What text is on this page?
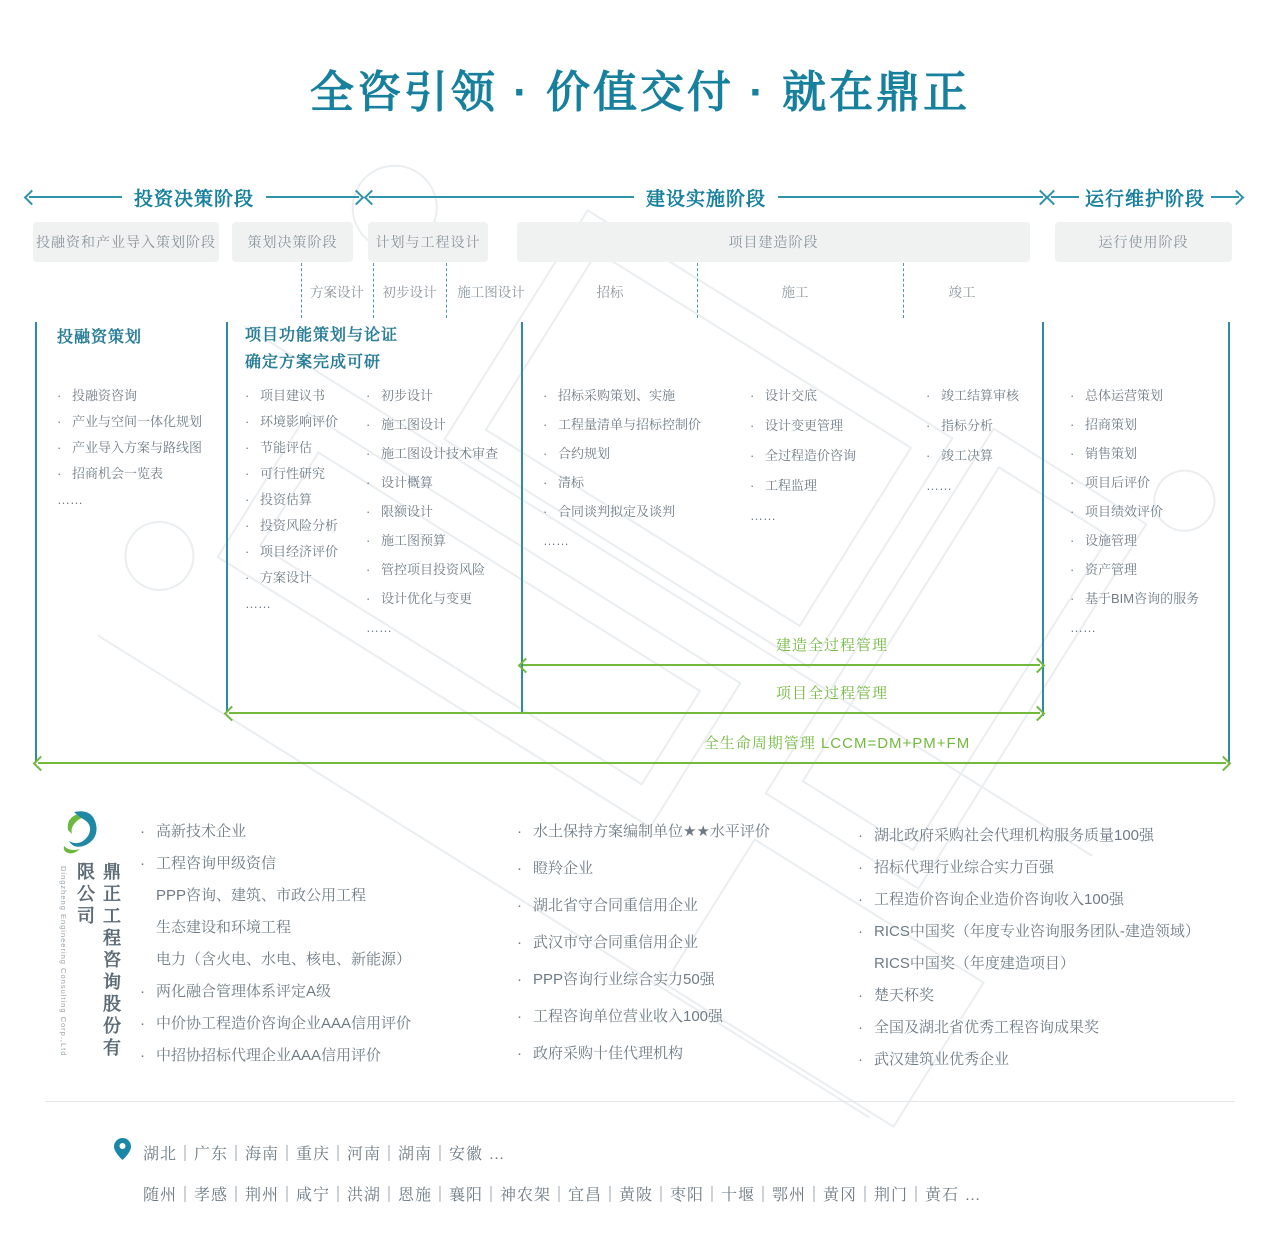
全咨引领 · 价值交付 · 就在鼎正
投资决策阶段	建设实施阶段	运行维护阶段
投融资和产业导入策划阶段	策划决策阶段	计划与工程设计	项目建造阶段	运行使用阶段
方案设计	初步设计	施工图设计	招标	施工	竣工
投融资策划	项目功能策划与论证
确定方案完成可研
· 投融资咨询
· 产业与空间一体化规划
· 产业导入方案与路线图
· 招商机会一览表
……
· 项目建议书
· 环境影响评价
· 节能评估
· 可行性研究
· 投资估算
· 投资风险分析
· 项目经济评价
· 方案设计
……
· 初步设计
· 施工图设计
· 施工图设计技术审查
· 设计概算
· 限额设计
· 施工图预算
· 管控项目投资风险
· 设计优化与变更
……
· 招标采购策划、实施
· 工程量清单与招标控制价
· 合约规划
· 清标
· 合同谈判拟定及谈判
……
· 设计交底
· 设计变更管理
· 全过程造价咨询
· 工程监理
……
· 竣工结算审核
· 指标分析
· 竣工决算
……
· 总体运营策划
· 招商策划
· 销售策划
· 项目后评价
· 项目绩效评价
· 设施管理
· 资产管理
· 基于BIM咨询的服务
……
建造全过程管理
项目全过程管理
全生命周期管理 LCCM=DM+PM+FM
Dingzheng Engineering Consulting Corp.,Ltd	鼎正工程咨询股份有限公司
· 高新技术企业
· 工程咨询甲级资信
PPP咨询、建筑、市政公用工程
生态建设和环境工程
电力（含火电、水电、核电、新能源）
· 两化融合管理体系评定A级
· 中价协工程造价咨询企业AAA信用评价
· 中招协招标代理企业AAA信用评价
· 水土保持方案编制单位★★水平评价
· 瞪羚企业
· 湖北省守合同重信用企业
· 武汉市守合同重信用企业
· PPP咨询行业综合实力50强
· 工程咨询单位营业收入100强
· 政府采购十佳代理机构
· 湖北政府采购社会代理机构服务质量100强
· 招标代理行业综合实力百强
· 工程造价咨询企业造价咨询收入100强
· RICS中国奖（年度专业咨询服务团队-建造领域）
RICS中国奖（年度建造项目）
· 楚天杯奖
· 全国及湖北省优秀工程咨询成果奖
· 武汉建筑业优秀企业
湖北｜广东｜海南｜重庆｜河南｜湖南｜安徽 …
随州｜孝感｜荆州｜咸宁｜洪湖｜恩施｜襄阳｜神农架｜宜昌｜黄陂｜枣阳｜十堰｜鄂州｜黄冈｜荆门｜黄石 …
